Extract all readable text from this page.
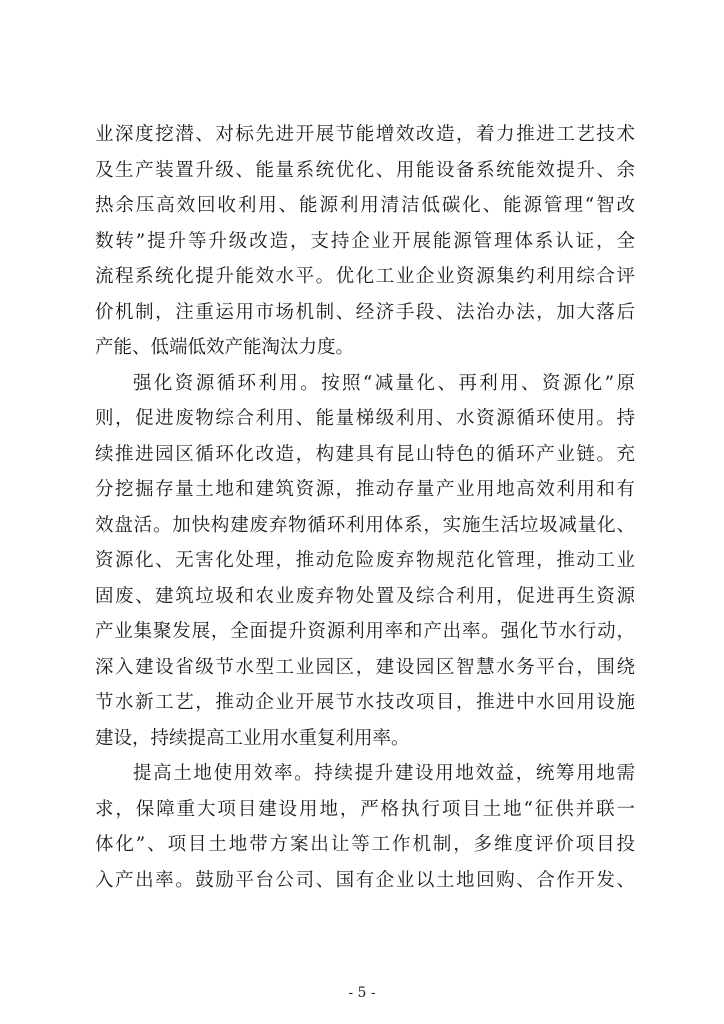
业深度挖潜、对标先进开展节能增效改造，着力推进工艺技术
及生产装置升级、能量系统优化、用能设备系统能效提升、余
热余压高效回收利用、能源利用清洁低碳化、能源管理“智改
数转”提升等升级改造，支持企业开展能源管理体系认证，全
流程系统化提升能效水平。优化工业企业资源集约利用综合评
价机制，注重运用市场机制、经济手段、法治办法，加大落后
产能、低端低效产能淘汰力度。
强化资源循环利用。按照“减量化、再利用、资源化”原
则，促进废物综合利用、能量梯级利用、水资源循环使用。持
续推进园区循环化改造，构建具有昆山特色的循环产业链。充
分挖掘存量土地和建筑资源，推动存量产业用地高效利用和有
效盘活。加快构建废弃物循环利用体系，实施生活垃圾减量化、
资源化、无害化处理，推动危险废弃物规范化管理，推动工业
固废、建筑垃圾和农业废弃物处置及综合利用，促进再生资源
产业集聚发展，全面提升资源利用率和产出率。强化节水行动，
深入建设省级节水型工业园区，建设园区智慧水务平台，围绕
节水新工艺，推动企业开展节水技改项目，推进中水回用设施
建设，持续提高工业用水重复利用率。
提高土地使用效率。持续提升建设用地效益，统筹用地需
求，保障重大项目建设用地，严格执行项目土地“征供并联一
体化”、项目土地带方案出让等工作机制，多维度评价项目投
入产出率。鼓励平台公司、国有企业以土地回购、合作开发、
- 5 -
